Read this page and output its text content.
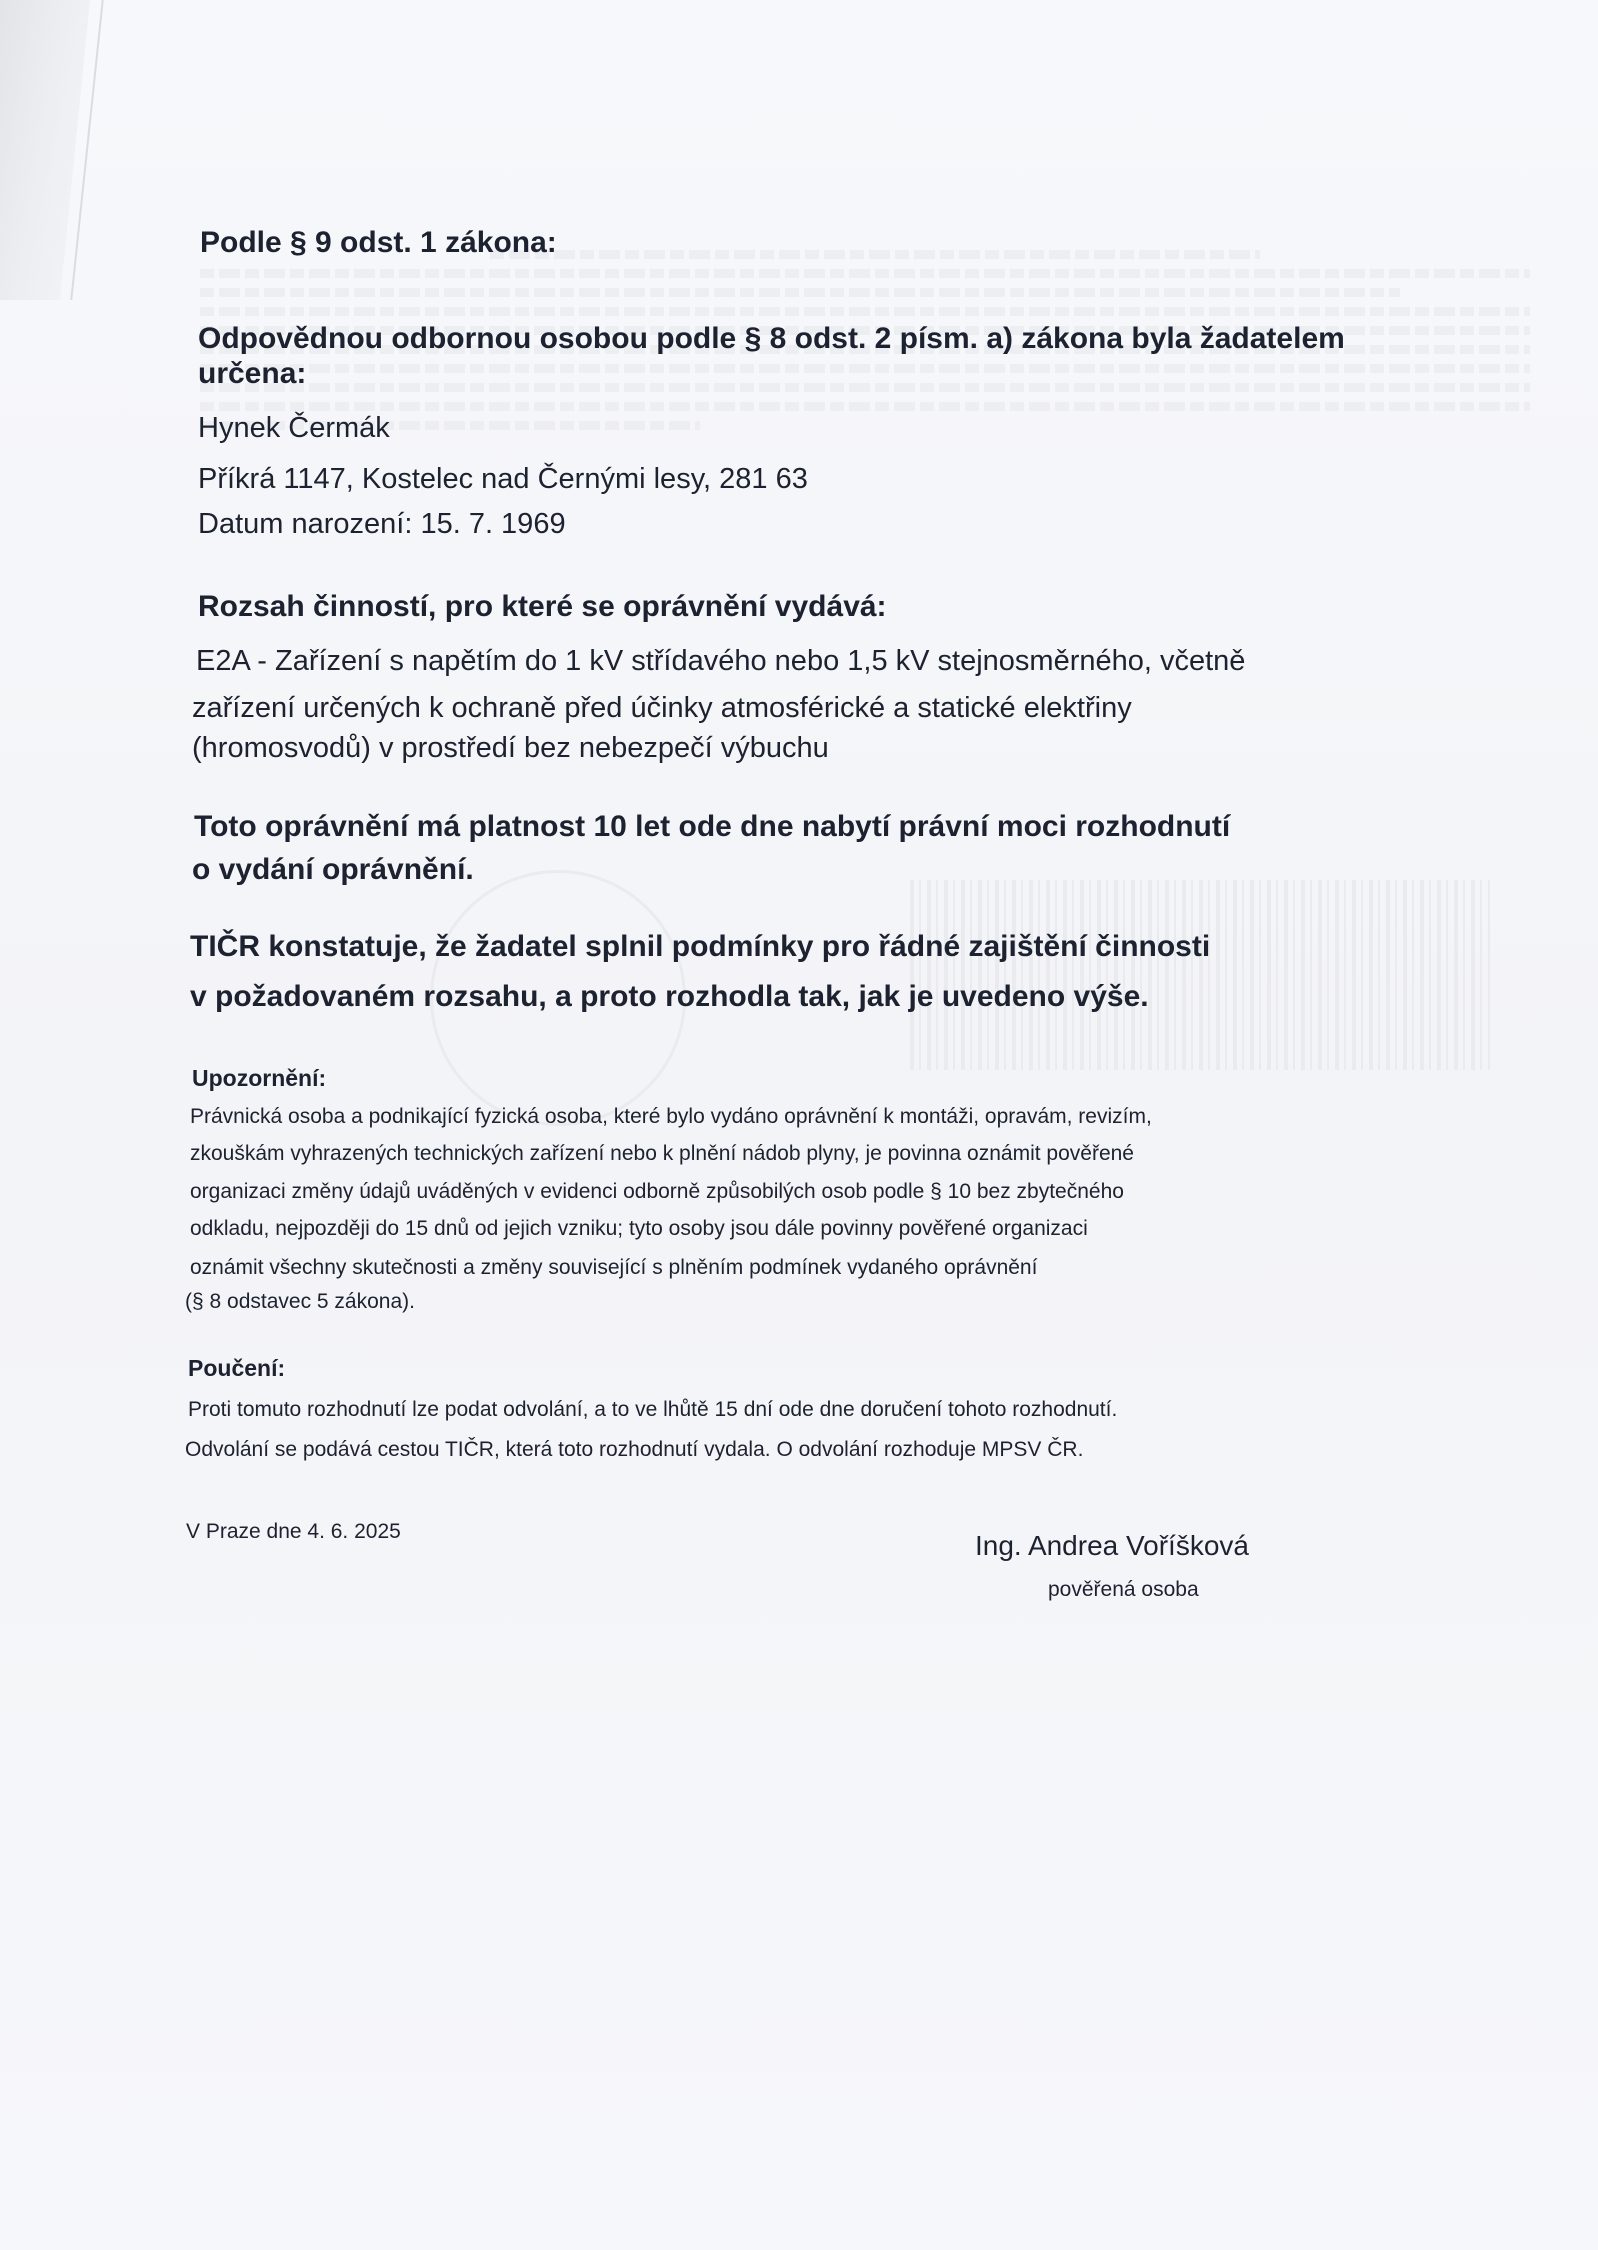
Podle § 9 odst. 1 zákona:
Odpovědnou odbornou osobou podle § 8 odst. 2 písm. a) zákona byla žadatelem
určena:
Hynek Čermák
Příkrá 1147, Kostelec nad Černými lesy, 281 63
Datum narození: 15. 7. 1969
Rozsah činností, pro které se oprávnění vydává:
E2A - Zařízení s napětím do 1 kV střídavého nebo 1,5 kV stejnosměrného, včetně
zařízení určených k ochraně před účinky atmosférické a statické elektřiny
(hromosvodů) v prostředí bez nebezpečí výbuchu
Toto oprávnění má platnost 10 let ode dne nabytí právní moci rozhodnutí
o vydání oprávnění.
TIČR konstatuje, že žadatel splnil podmínky pro řádné zajištění činnosti
v požadovaném rozsahu, a proto rozhodla tak, jak je uvedeno výše.
Upozornění:
Právnická osoba a podnikající fyzická osoba, které bylo vydáno oprávnění k montáži, opravám, revizím,
zkouškám vyhrazených technických zařízení nebo k plnění nádob plyny, je povinna oznámit pověřené
organizaci změny údajů uváděných v evidenci odborně způsobilých osob podle § 10 bez zbytečného
odkladu, nejpozději do 15 dnů od jejich vzniku; tyto osoby jsou dále povinny pověřené organizaci
oznámit všechny skutečnosti a změny související s plněním podmínek vydaného oprávnění
(§ 8 odstavec 5 zákona).
Poučení:
Proti tomuto rozhodnutí lze podat odvolání, a to ve lhůtě 15 dní ode dne doručení tohoto rozhodnutí.
Odvolání se podává cestou TIČR, která toto rozhodnutí vydala. O odvolání rozhoduje MPSV ČR.
V Praze dne 4. 6. 2025	Ing. Andrea Voříšková
pověřená osoba
